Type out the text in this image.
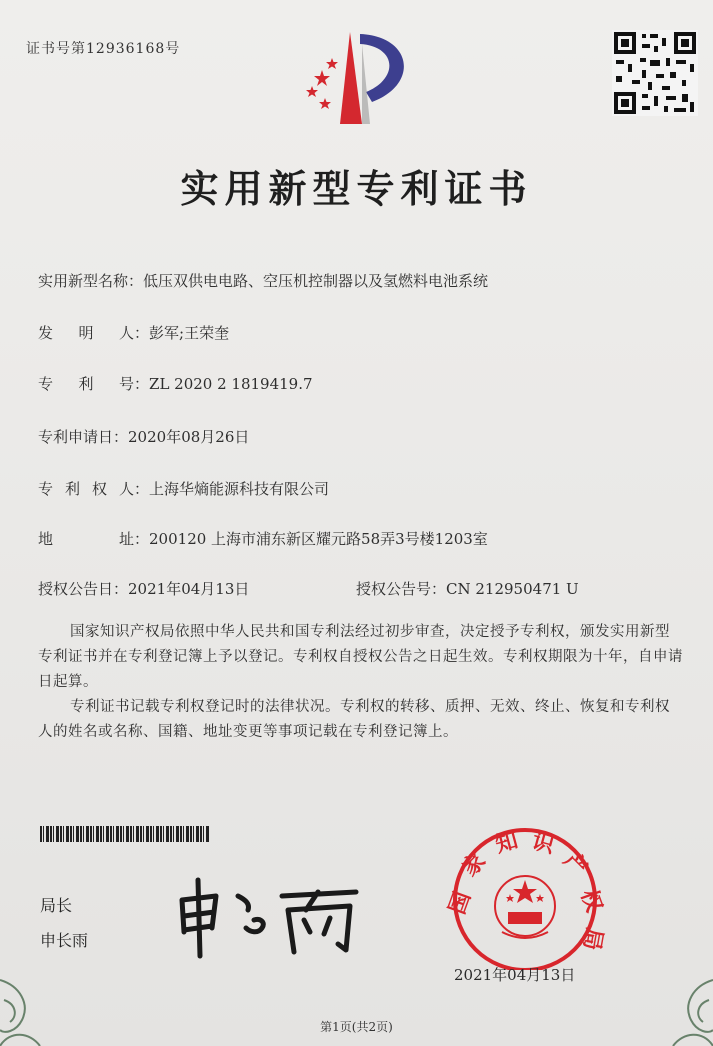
证书号第12936168号
实用新型专利证书
实用新型名称：低压双供电电路、空压机控制器以及氢燃料电池系统
发 明 人 ：彭军;王荣奎
专 利 号 ：ZL 2020 2 1819419.7
专利申请日：2020年08月26日
专 利 权 人 ：上海华熵能源科技有限公司
地	址 ：200120 上海市浦东新区耀元路58弄3号楼1203室
授权公告日：2021年04月13日	授权公告号：CN 212950471 U
国家知识产权局依照中华人民共和国专利法经过初步审查，决定授予专利权，颁发实用新型专利证书并在专利登记簿上予以登记。专利权自授权公告之日起生效。专利权期限为十年，自申请日起算。
专利证书记载专利权登记时的法律状况。专利权的转移、质押、无效、终止、恢复和专利权人的姓名或名称、国籍、地址变更等事项记载在专利登记簿上。
局长
申长雨
国
家
知 识
产
权
局
2021年04月13日
第1页(共2页)
